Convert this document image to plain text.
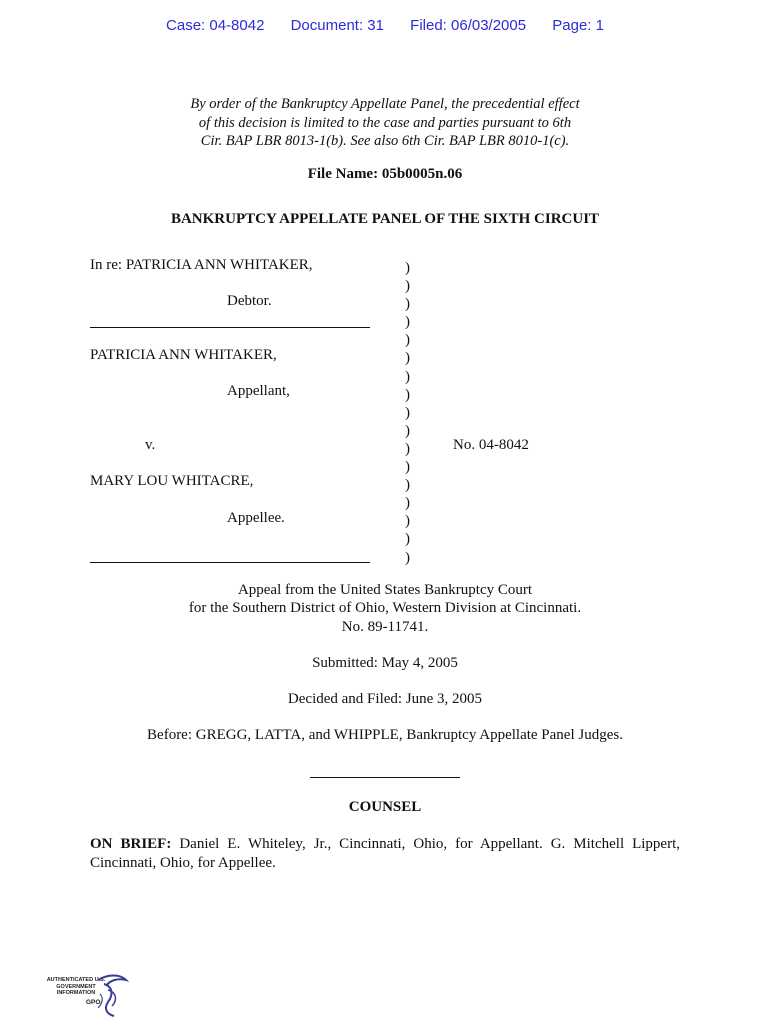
Case: 04-8042 Document: 31 Filed: 06/03/2005 Page: 1
By order of the Bankruptcy Appellate Panel, the precedential effect
of this decision is limited to the case and parties pursuant to 6th
Cir. BAP LBR 8013-1(b). See also 6th Cir. BAP LBR 8010-1(c).
File Name: 05b0005n.06
BANKRUPTCY APPELLATE PANEL OF THE SIXTH CIRCUIT
In re: PATRICIA ANN WHITAKER,
Debtor.
PATRICIA ANN WHITAKER,
Appellant,
v.
MARY LOU WHITACRE,
Appellee.
No. 04-8042
)
)
)
)
)
)
)
)
)
)
)
)
)
)
)
)
)
Appeal from the United States Bankruptcy Court
for the Southern District of Ohio, Western Division at Cincinnati.
No. 89-11741.
Submitted: May 4, 2005
Decided and Filed: June 3, 2005
Before: GREGG, LATTA, and WHIPPLE, Bankruptcy Appellate Panel Judges.
COUNSEL
ON BRIEF: Daniel E. Whiteley, Jr., Cincinnati, Ohio, for Appellant. G. Mitchell Lippert, Cincinnati, Ohio, for Appellee.
AUTHENTICATED U.S. GOVERNMENT INFORMATION
GPO
